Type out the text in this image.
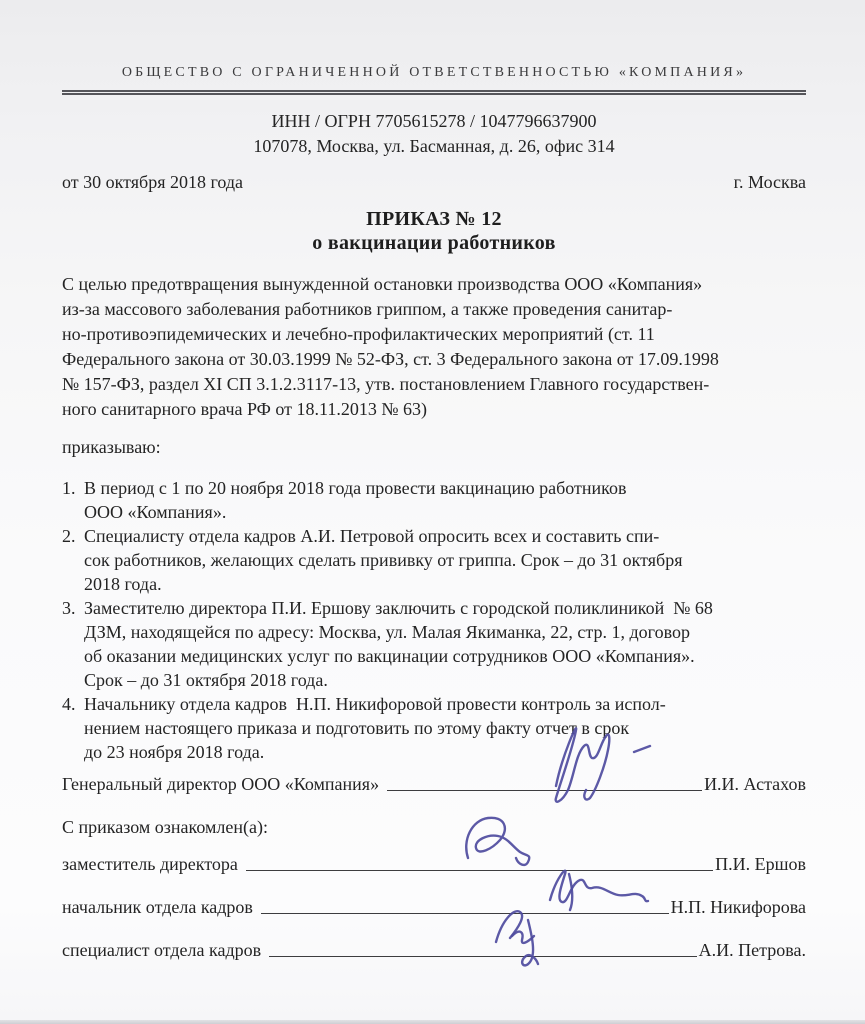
ОБЩЕСТВО С ОГРАНИЧЕННОЙ ОТВЕТСТВЕННОСТЬЮ «КОМПАНИЯ»
ИНН / ОГРН 7705615278 / 1047796637900
107078, Москва, ул. Басманная, д. 26, офис 314
от 30 октября 2018 года	г. Москва
ПРИКАЗ № 12
о вакцинации работников
С целью предотвращения вынужденной остановки производства ООО «Компания»
из-за массового заболевания работников гриппом, а также проведения санитар-
но-противоэпидемических и лечебно-профилактических мероприятий (ст. 11
Федерального закона от 30.03.1999 № 52-ФЗ, ст. 3 Федерального закона от 17.09.1998
№ 157-ФЗ, раздел XI СП 3.1.2.3117-13, утв. постановлением Главного государствен-
ного санитарного врача РФ от 18.11.2013 № 63)
приказываю:
1. В период с 1 по 20 ноября 2018 года провести вакцинацию работников
ООО «Компания».
2. Специалисту отдела кадров А.И. Петровой опросить всех и составить спи-
сок работников, желающих сделать прививку от гриппа. Срок – до 31 октября
2018 года.
3. Заместителю директора П.И. Ершову заключить с городской поликлиникой  № 68
ДЗМ, находящейся по адресу: Москва, ул. Малая Якиманка, 22, стр. 1, договор
об оказании медицинских услуг по вакцинации сотрудников ООО «Компания».
Срок – до 31 октября 2018 года.
4. Начальнику отдела кадров  Н.П. Никифоровой провести контроль за испол-
нением настоящего приказа и подготовить по этому факту отчет в срок
до 23 ноября 2018 года.
Генеральный директор ООО «Компания»	И.И. Астахов
С приказом ознакомлен(а):
заместитель директора	П.И. Ершов
начальник отдела кадров	Н.П. Никифорова
специалист отдела кадров	А.И. Петрова.
